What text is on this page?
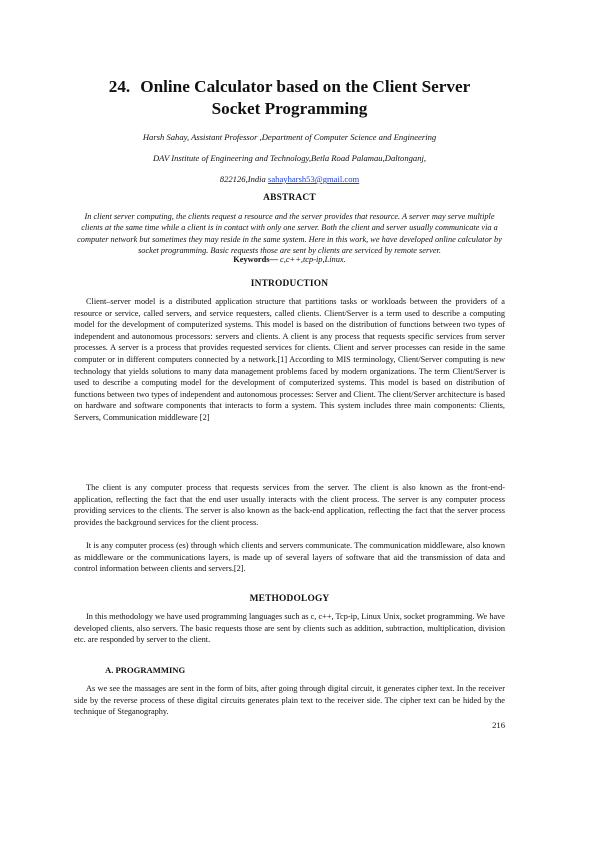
24. Online Calculator based on the Client Server
Socket Programming
Harsh Sahay, Assistant Professor ,Department of Computer Science and Engineering
DAV Institute of Engineering and Technology,Betla Road Palamau,Daltonganj,
822126,India sahayharsh53@gmail.com
ABSTRACT
In client server computing, the clients request a resource and the server provides that resource. A server may serve multiple clients at the same time while a client is in contact with only one server. Both the client and server usually communicate via a computer network but sometimes they may reside in the same system. Here in this work, we have developed online calculator by socket programming. Basic requests those are sent by clients are serviced by remote server.
Keywords— c,c++,tcp-ip,Linux.
INTRODUCTION
Client–server model is a distributed application structure that partitions tasks or workloads between the providers of a resource or service, called servers, and service requesters, called clients. Client/Server is a term used to describe a computing model for the development of computerized systems. This model is based on the distribution of functions between two types of independent and autonomous processors: servers and clients. A client is any process that requests specific services from server processes. A server is a process that provides requested services for clients. Client and server processes can reside in the same computer or in different computers connected by a network.[1] According to MIS terminology, Client/Server computing is new technology that yields solutions to many data management problems faced by modern organizations. The term Client/Server is used to describe a computing model for the development of computerized systems. This model is based on distribution of functions between two types of independent and autonomous processes: Server and Client. The client/Server architecture is based on hardware and software components that interacts to form a system. This system includes three main components: Clients, Servers, Communication middleware [2]
The client is any computer process that requests services from the server. The client is also known as the front-end- application, reflecting the fact that the end user usually interacts with the client process. The server is any computer process providing services to the clients. The server is also known as the back-end application, reflecting the fact that the server process provides the background services for the client process.
It is any computer process (es) through which clients and servers communicate. The communication middleware, also known as middleware or the communications layers, is made up of several layers of software that aid the transmission of data and control information between clients and servers.[2].
METHODOLOGY
In this methodology we have used programming languages such as c, c++, Tcp-ip, Linux Unix, socket programming. We have developed clients, also servers. The basic requests those are sent by clients such as addition, subtraction, multiplication, division etc. are responded by server to the client.
A. PROGRAMMING
As we see the massages are sent in the form of bits, after going through digital circuit, it generates cipher text. In the receiver side by the reverse process of these digital circuits generates plain text to the receiver side. The cipher text can be hided by the technique of Steganography.
216
